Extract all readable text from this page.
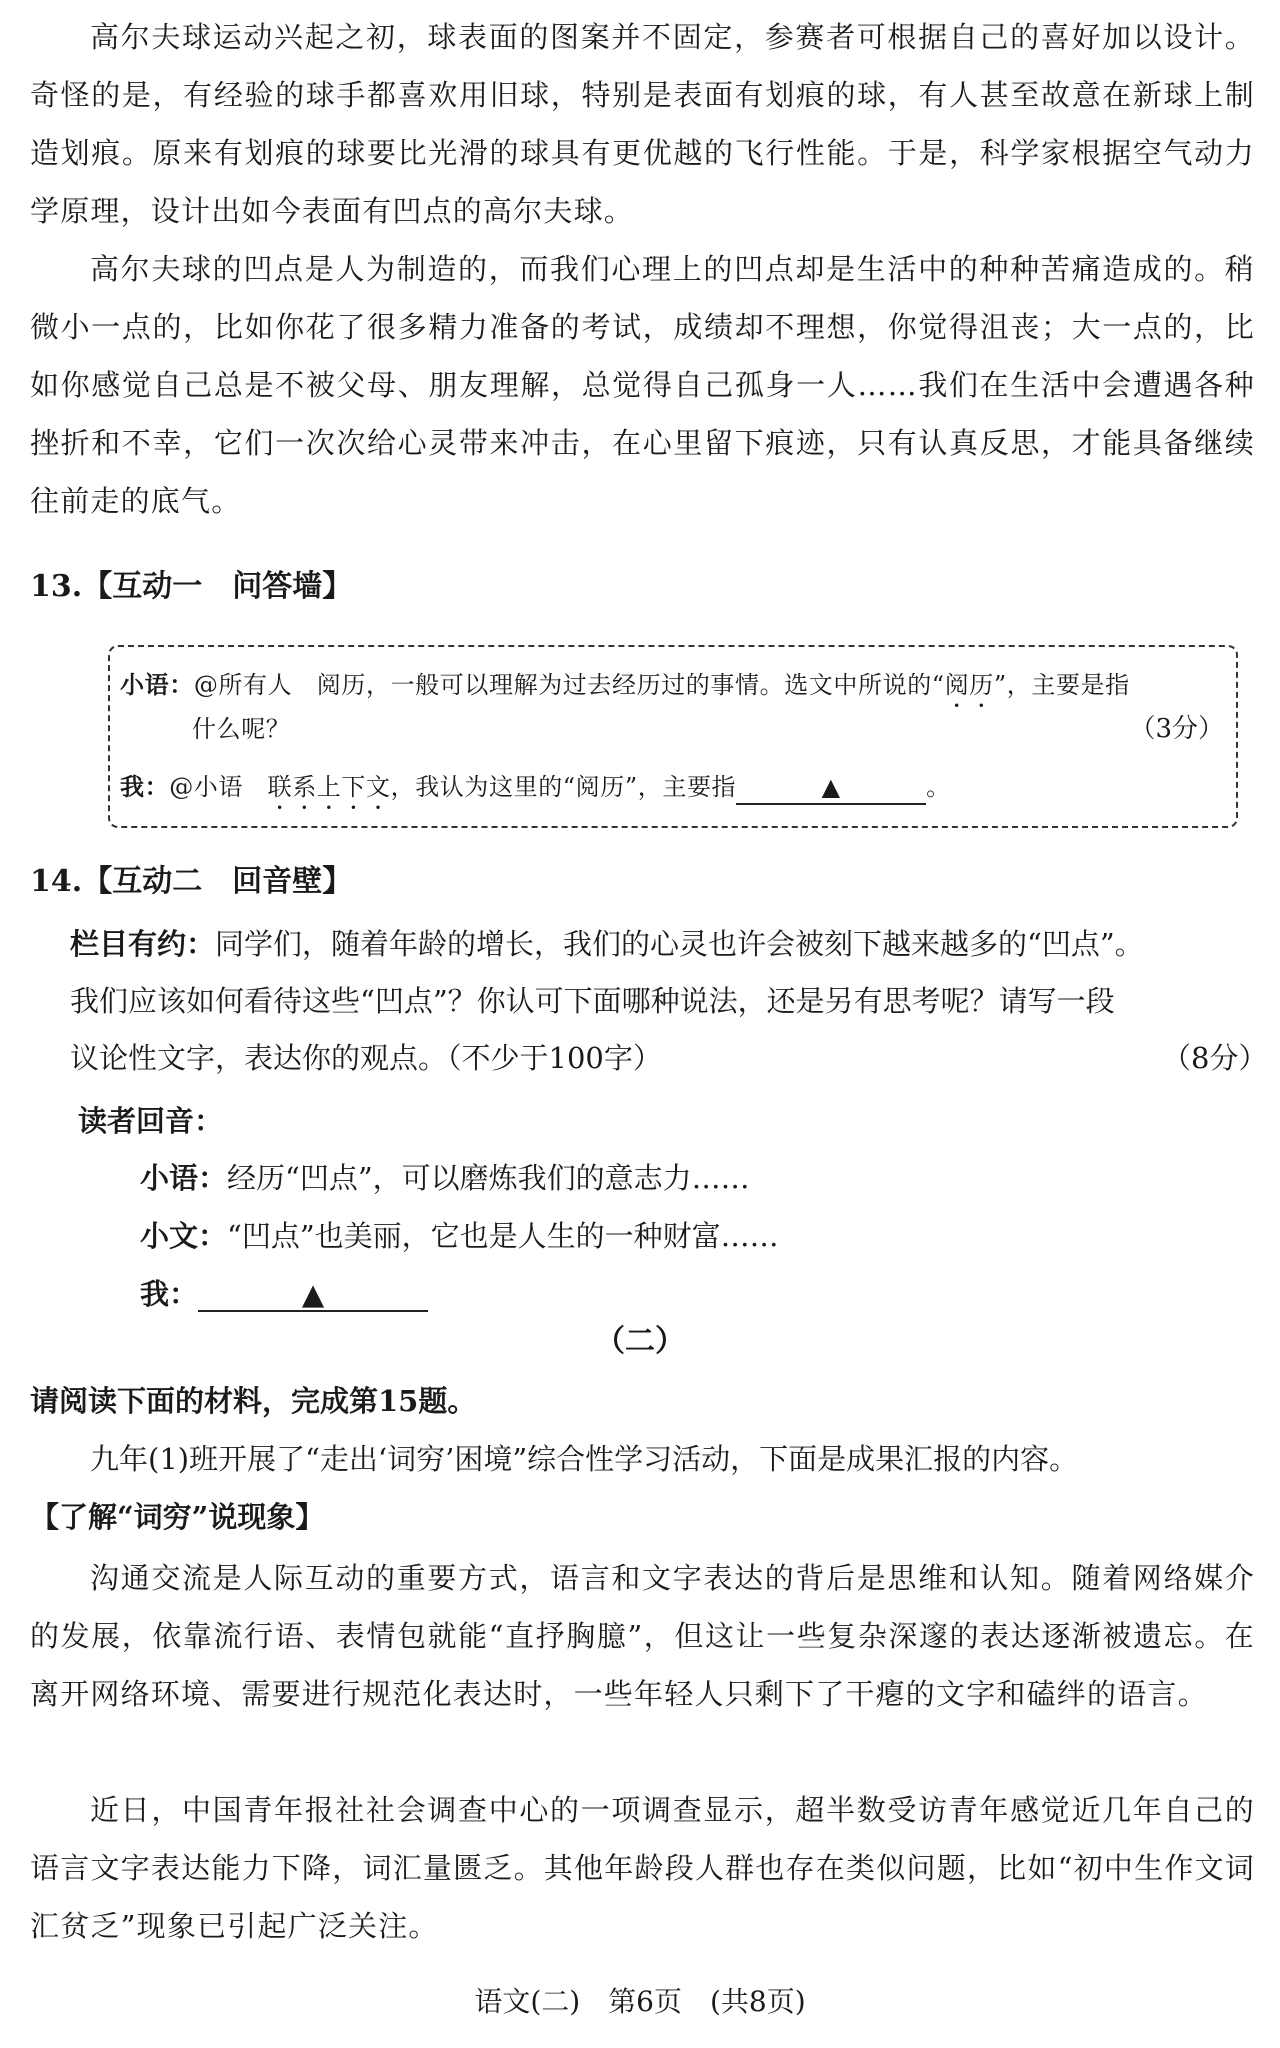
高尔夫球运动兴起之初，球表面的图案并不固定，参赛者可根据自己的喜好加以设计。奇怪的是，有经验的球手都喜欢用旧球，特别是表面有划痕的球，有人甚至故意在新球上制造划痕。原来有划痕的球要比光滑的球具有更优越的飞行性能。于是，科学家根据空气动力学原理，设计出如今表面有凹点的高尔夫球。

高尔夫球的凹点是人为制造的，而我们心理上的凹点却是生活中的种种苦痛造成的。稍微小一点的，比如你花了很多精力准备的考试，成绩却不理想，你觉得沮丧；大一点的，比如你感觉自己总是不被父母、朋友理解，总觉得自己孤身一人……我们在生活中会遭遇各种挫折和不幸，它们一次次给心灵带来冲击，在心里留下痕迹，只有认真反思，才能具备继续往前走的底气。

13.【互动一　问答墙】

小语：@所有人　阅历，一般可以理解为过去经历过的事情。选文中所说的“阅历”，主要是指

什么呢？	（3分）

我：@小语　联系上下文，我认为这里的“阅历”，主要指	▲	。

14.【互动二　回音壁】

栏目有约：同学们，随着年龄的增长，我们的心灵也许会被刻下越来越多的“凹点”。

我们应该如何看待这些“凹点”？你认可下面哪种说法，还是另有思考呢？请写一段

议论性文字，表达你的观点。（不少于100字）	（8分）

读者回音：

小语：经历“凹点”，可以磨炼我们的意志力……

小文：“凹点”也美丽，它也是人生的一种财富……

我：	▲

（二）

请阅读下面的材料，完成第15题。

九年(1)班开展了“走出‘词穷’困境”综合性学习活动，下面是成果汇报的内容。

【了解“词穷”说现象】

沟通交流是人际互动的重要方式，语言和文字表达的背后是思维和认知。随着网络媒介的发展，依靠流行语、表情包就能“直抒胸臆”，但这让一些复杂深邃的表达逐渐被遗忘。在离开网络环境、需要进行规范化表达时，一些年轻人只剩下了干瘪的文字和磕绊的语言。

近日，中国青年报社社会调查中心的一项调查显示，超半数受访青年感觉近几年自己的语言文字表达能力下降，词汇量匮乏。其他年龄段人群也存在类似问题，比如“初中生作文词汇贫乏”现象已引起广泛关注。

语文(二)　第6页　(共8页)
